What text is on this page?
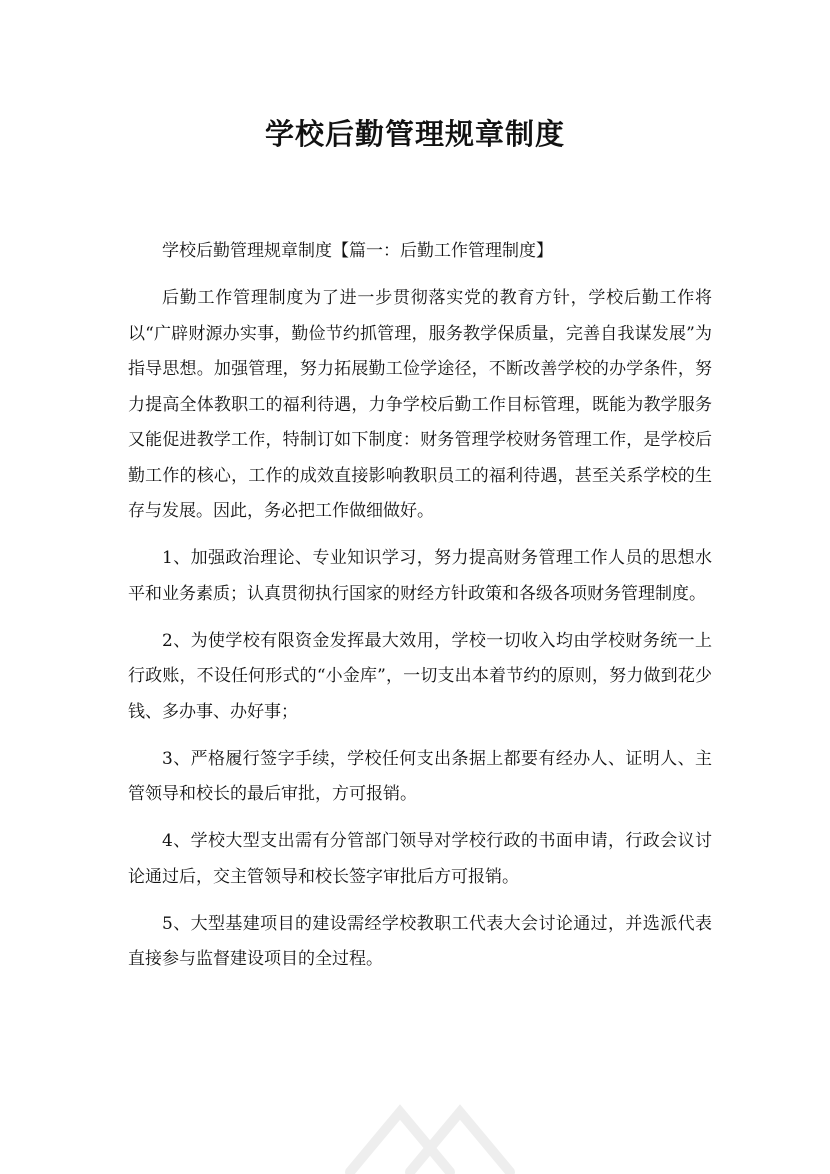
学校后勤管理规章制度

学校后勤管理规章制度【篇一：后勤工作管理制度】

后勤工作管理制度为了进一步贯彻落实党的教育方针，学校后勤工作将以“广辟财源办实事，勤俭节约抓管理，服务教学保质量，完善自我谋发展”为指导思想。加强管理，努力拓展勤工俭学途径，不断改善学校的办学条件，努力提高全体教职工的福利待遇，力争学校后勤工作目标管理，既能为教学服务又能促进教学工作，特制订如下制度：财务管理学校财务管理工作，是学校后勤工作的核心，工作的成效直接影响教职员工的福利待遇，甚至关系学校的生存与发展。因此，务必把工作做细做好。

1、加强政治理论、专业知识学习，努力提高财务管理工作人员的思想水平和业务素质；认真贯彻执行国家的财经方针政策和各级各项财务管理制度。

2、为使学校有限资金发挥最大效用，学校一切收入均由学校财务统一上行政账，不设任何形式的“小金库”，一切支出本着节约的原则，努力做到花少钱、多办事、办好事；

3、严格履行签字手续，学校任何支出条据上都要有经办人、证明人、主管领导和校长的最后审批，方可报销。

4、学校大型支出需有分管部门领导对学校行政的书面申请，行政会议讨论通过后，交主管领导和校长签字审批后方可报销。

5、大型基建项目的建设需经学校教职工代表大会讨论通过，并选派代表直接参与监督建设项目的全过程。
